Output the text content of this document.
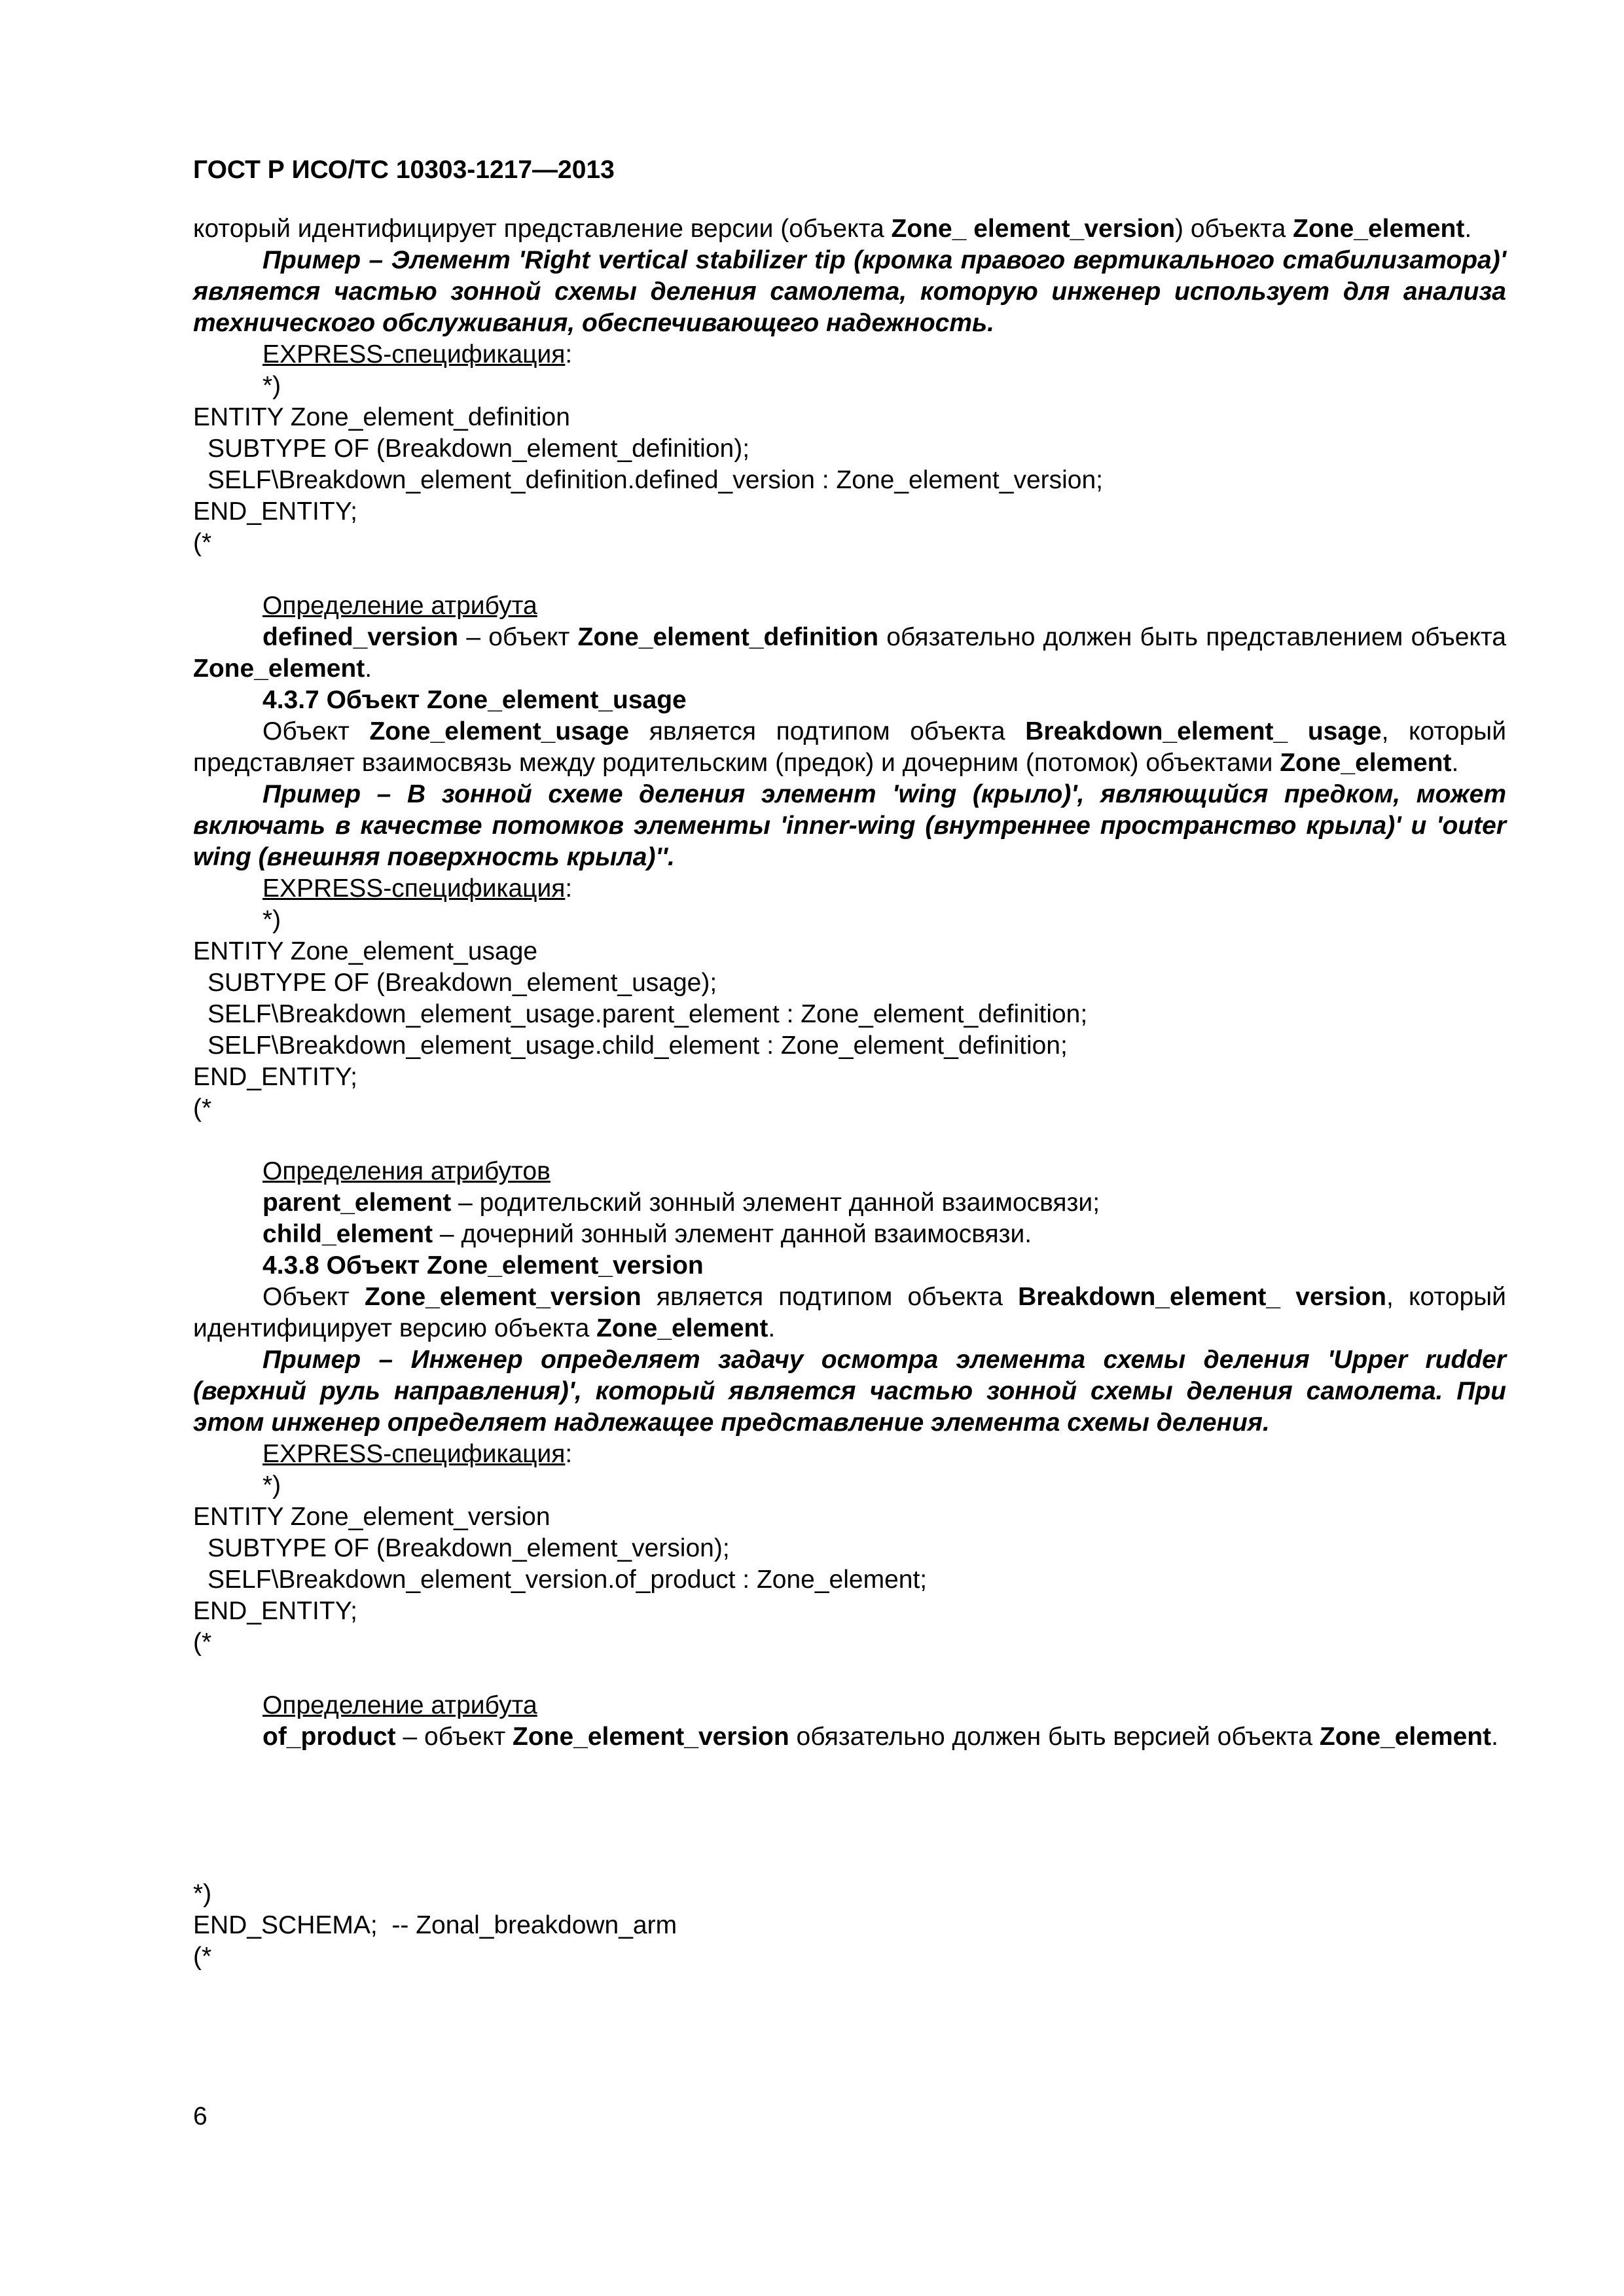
ГОСТ Р ИСО/ТС 10303-1217—2013

который идентифицирует представление версии (объекта Zone_ element_version) объекта Zone_element.

Пример – Элемент 'Right vertical stabilizer tip (кромка правого вертикального стабилизатора)' является частью зонной схемы деления самолета, которую инженер использует для анализа технического обслуживания, обеспечивающего надежность.

EXPRESS-спецификация:

*)
ENTITY Zone_element_definition
SUBTYPE OF (Breakdown_element_definition);
SELF\Breakdown_element_definition.defined_version : Zone_element_version;
END_ENTITY;
(*

Определение атрибута

defined_version – объект Zone_element_definition обязательно должен быть представлением объекта Zone_element.

4.3.7 Объект Zone_element_usage

Объект Zone_element_usage является подтипом объекта Breakdown_element_ usage, который представляет взаимосвязь между родительским (предок) и дочерним (потомок) объектами Zone_element.

Пример – В зонной схеме деления элемент 'wing (крыло)', являющийся предком, может включать в качестве потомков элементы 'inner-wing (внутреннее пространство крыла)' и 'outer wing (внешняя поверхность крыла)''.

EXPRESS-спецификация:

*)
ENTITY Zone_element_usage
SUBTYPE OF (Breakdown_element_usage);
SELF\Breakdown_element_usage.parent_element : Zone_element_definition;
SELF\Breakdown_element_usage.child_element : Zone_element_definition;
END_ENTITY;
(*

Определения атрибутов

parent_element – родительский зонный элемент данной взаимосвязи;

child_element – дочерний зонный элемент данной взаимосвязи.

4.3.8 Объект Zone_element_version

Объект Zone_element_version является подтипом объекта Breakdown_element_ version, который идентифицирует версию объекта Zone_element.

Пример – Инженер определяет задачу осмотра элемента схемы деления 'Upper rudder (верхний руль направления)', который является частью зонной схемы деления самолета. При этом инженер определяет надлежащее представление элемента схемы деления.

EXPRESS-спецификация:

*)
ENTITY Zone_element_version
SUBTYPE OF (Breakdown_element_version);
SELF\Breakdown_element_version.of_product : Zone_element;
END_ENTITY;
(*

Определение атрибута

of_product – объект Zone_element_version обязательно должен быть версией объекта Zone_element.

*)
END_SCHEMA;  -- Zonal_breakdown_arm
(*
6
